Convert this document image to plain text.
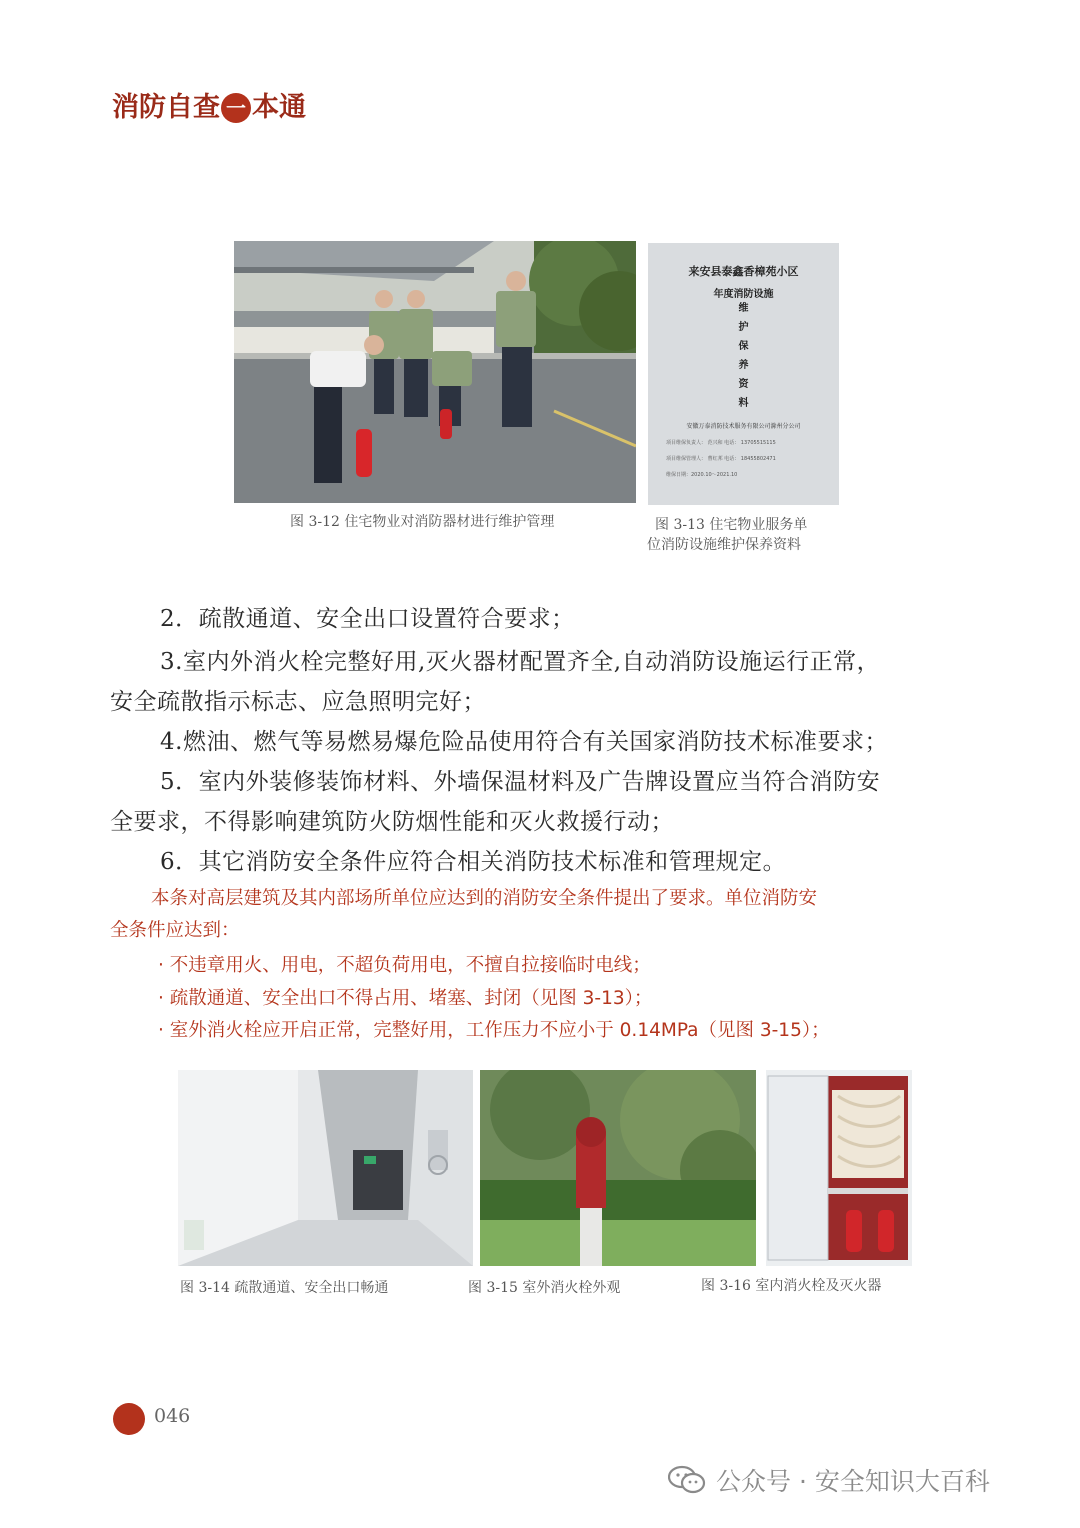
消 防 自 查 一 本 通
来安县泰鑫香樟苑小区
年度消防设施
维
护
保
养
资
料
安徽万泰消防技术服务有限公司滁州分公司
项目维保负责人： 范兴和 电话： 13705515115
项目维保管理人： 曹红邦 电话： 18455802471
维保日期：2020.10～2021.10
图 3-12 住宅物业对消防器材进行维护管理	图 3-13 住宅物业服务单
位消防设施维护保养资料
2．疏散通道、安全出口设置符合要求；
3.室内外消火栓完整好用,灭火器材配置齐全,自动消防设施运行正常，
安全疏散指示标志、应急照明完好；
4.燃油、燃气等易燃易爆危险品使用符合有关国家消防技术标准要求；
5．室内外装修装饰材料、外墙保温材料及广告牌设置应当符合消防安
全要求，不得影响建筑防火防烟性能和灭火救援行动；
6．其它消防安全条件应符合相关消防技术标准和管理规定。
本条对高层建筑及其内部场所单位应达到的消防安全条件提出了要求。单位消防安
全条件应达到：
· 不违章用火、用电，不超负荷用电，不擅自拉接临时电线；
· 疏散通道、安全出口不得占用、堵塞、封闭（见图 3-13）；
· 室外消火栓应开启正常，完整好用，工作压力不应小于 0.14MPa（见图 3-15）；
图 3-14 疏散通道、安全出口畅通	图 3-15 室外消火栓外观	图 3-16 室内消火栓及灭火器
046
公众号 · 安全知识大百科
